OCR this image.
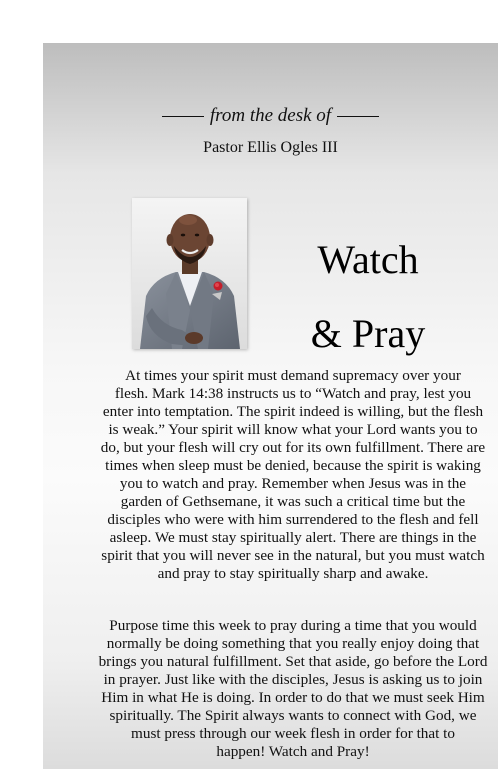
from the desk of
Pastor Ellis Ogles III
Watch
& Pray
At times your spirit must demand supremacy over your
flesh. Mark 14:38 instructs us to “Watch and pray, lest you
enter into temptation. The spirit indeed is willing, but the flesh
is weak.” Your spirit will know what your Lord wants you to
do, but your flesh will cry out for its own fulfillment. There are
times when sleep must be denied, because the spirit is waking
you to watch and pray. Remember when Jesus was in the
garden of Gethsemane, it was such a critical time but the
disciples who were with him surrendered to the flesh and fell
asleep. We must stay spiritually alert. There are things in the
spirit that you will never see in the natural, but you must watch
and pray to stay spiritually sharp and awake.
Purpose time this week to pray during a time that you would
normally be doing something that you really enjoy doing that
brings you natural fulfillment. Set that aside, go before the Lord
in prayer. Just like with the disciples, Jesus is asking us to join
Him in what He is doing. In order to do that we must seek Him
spiritually. The Spirit always wants to connect with God, we
must press through our week flesh in order for that to
happen! Watch and Pray!
